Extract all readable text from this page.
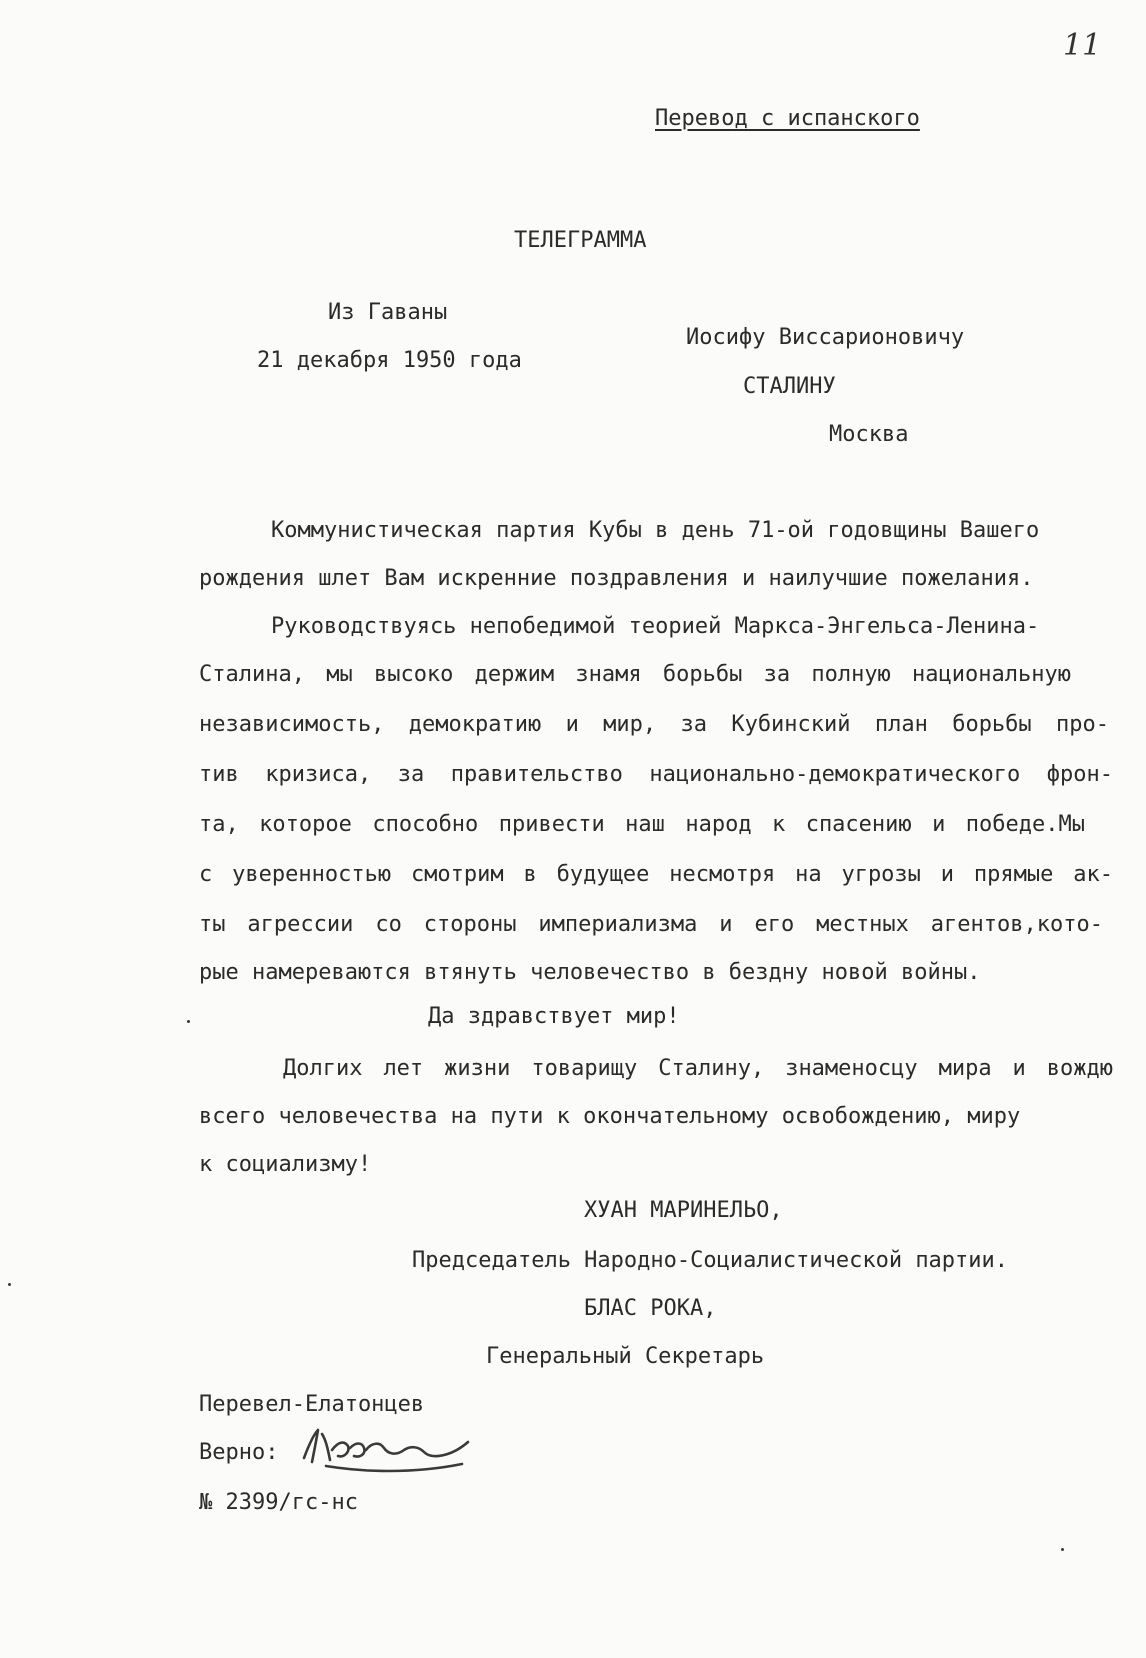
11
Перевод с испанского
ТЕЛЕГРАММА
Из Гаваны
21 декабря 1950 года
Иосифу Виссарионовичу
СТАЛИНУ
Москва
Коммунистическая партия Кубы в день 71-ой годовщины Вашего
рождения шлет Вам искренние поздравления и наилучшие пожелания.
Руководствуясь непобедимой теорией Маркса-Энгельса-Ленина-
Сталина, мы высоко держим знамя борьбы за полную национальную
независимость, демократию и мир, за Кубинский план борьбы про-
тив кризиса, за правительство национально-демократического фрон-
та, которое способно привести наш народ к спасению и победе.Мы
с уверенностью смотрим в будущее несмотря на угрозы и прямые ак-
ты агрессии со стороны империализма и его местных агентов,кото-
рые намереваются втянуть человечество в бездну новой войны.
Да здравствует мир!
Долгих лет жизни товарищу Сталину, знаменосцу мира и вождю
всего человечества на пути к окончательному освобождению, миру
к социализму!
ХУАН МАРИНЕЛЬО,
Председатель Народно-Социалистической партии.
БЛАС РОКА,
Генеральный Секретарь
Перевел-Елатонцев
Верно:
№ 2399/гс-нс
